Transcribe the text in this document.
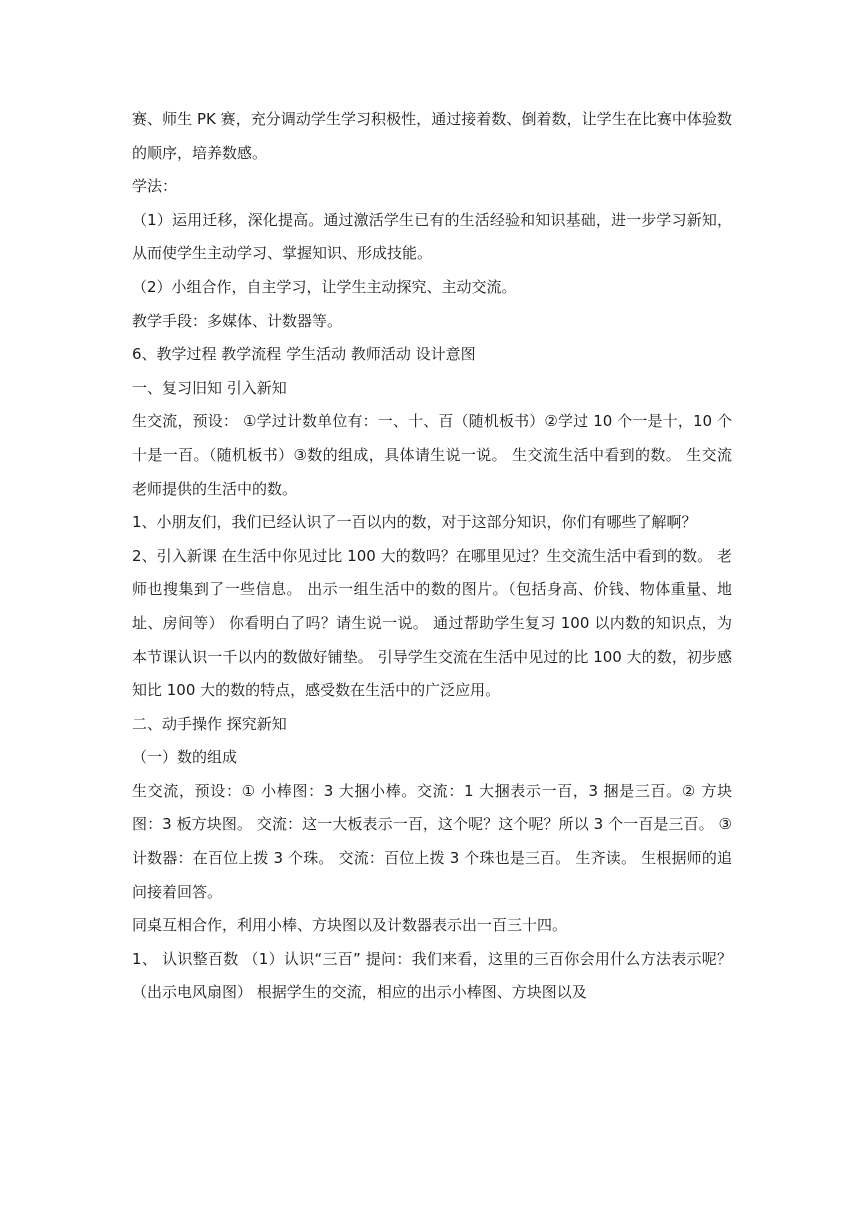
赛、师生 PK 赛，充分调动学生学习积极性，通过接着数、倒着数，让学生在比赛中体验数的顺序，培养数感。

学法：

（1）运用迁移，深化提高。通过激活学生已有的生活经验和知识基础，进一步学习新知，从而使学生主动学习、掌握知识、形成技能。

（2）小组合作，自主学习，让学生主动探究、主动交流。

教学手段：多媒体、计数器等。

6、教学过程 教学流程 学生活动 教师活动 设计意图

一、复习旧知 引入新知

生交流，预设： ①学过计数单位有：一、十、百（随机板书）②学过 10 个一是十，10 个十是一百。（随机板书）③数的组成，具体请生说一说。 生交流生活中看到的数。 生交流老师提供的生活中的数。

1、小朋友们，我们已经认识了一百以内的数，对于这部分知识，你们有哪些了解啊？

2、引入新课 在生活中你见过比 100 大的数吗？在哪里见过？生交流生活中看到的数。 老师也搜集到了一些信息。 出示一组生活中的数的图片。（包括身高、价钱、物体重量、地址、房间等） 你看明白了吗？请生说一说。 通过帮助学生复习 100 以内数的知识点，为本节课认识一千以内的数做好铺垫。 引导学生交流在生活中见过的比 100 大的数，初步感知比 100 大的数的特点，感受数在生活中的广泛应用。

二、动手操作 探究新知

（一）数的组成

生交流，预设：① 小棒图：3 大捆小棒。交流：1 大捆表示一百，3 捆是三百。② 方块图：3 板方块图。 交流：这一大板表示一百，这个呢？这个呢？所以 3 个一百是三百。 ③计数器：在百位上拨 3 个珠。 交流：百位上拨 3 个珠也是三百。 生齐读。 生根据师的追问接着回答。

同桌互相合作，利用小棒、方块图以及计数器表示出一百三十四。

1、 认识整百数 （1）认识“三百” 提问：我们来看，这里的三百你会用什么方法表示呢？（出示电风扇图） 根据学生的交流，相应的出示小棒图、方块图以及
